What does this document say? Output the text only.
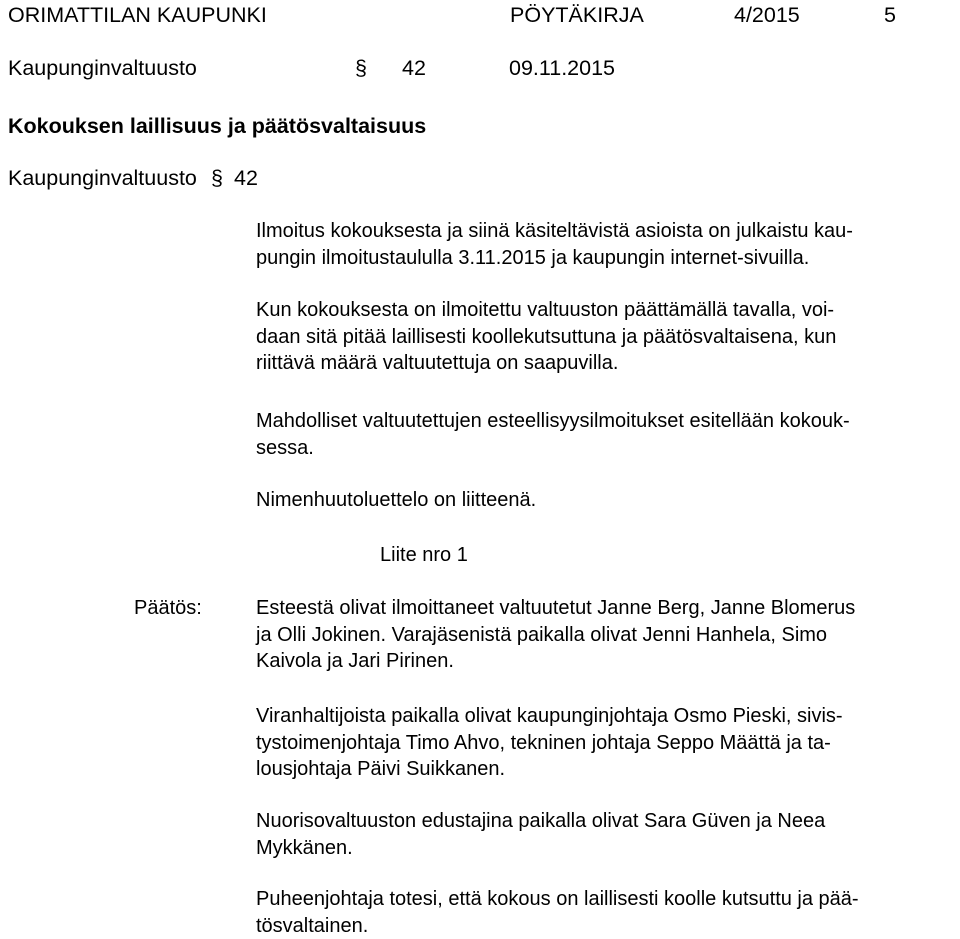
ORIMATTILAN KAUPUNKI	PÖYTÄKIRJA	4/2015	5
Kaupunginvaltuusto	§ 42	09.11.2015
Kokouksen laillisuus ja päätösvaltaisuus
Kaupunginvaltuusto § 42
Ilmoitus kokouksesta ja siinä käsiteltävistä asioista on julkaistu kau-
pungin ilmoitustaululla 3.11.2015 ja kaupungin internet-sivuilla.
Kun kokouksesta on ilmoitettu valtuuston päättämällä tavalla, voi-
daan sitä pitää laillisesti koollekutsuttuna ja päätösvaltaisena, kun
riittävä määrä valtuutettuja on saapuvilla.
Mahdolliset valtuutettujen esteellisyysilmoitukset esitellään kokouk-
sessa.
Nimenhuutoluettelo on liitteenä.
Liite nro 1
Päätös:	Esteestä olivat ilmoittaneet valtuutetut Janne Berg, Janne Blomerus
ja Olli Jokinen. Varajäsenistä paikalla olivat Jenni Hanhela, Simo
Kaivola ja Jari Pirinen.
Viranhaltijoista paikalla olivat kaupunginjohtaja Osmo Pieski, sivis-
tystoimenjohtaja Timo Ahvo, tekninen johtaja Seppo Määttä ja ta-
lousjohtaja Päivi Suikkanen.
Nuorisovaltuuston edustajina paikalla olivat Sara Güven ja Neea
Mykkänen.
Puheenjohtaja totesi, että kokous on laillisesti koolle kutsuttu ja pää-
tösvaltainen.
